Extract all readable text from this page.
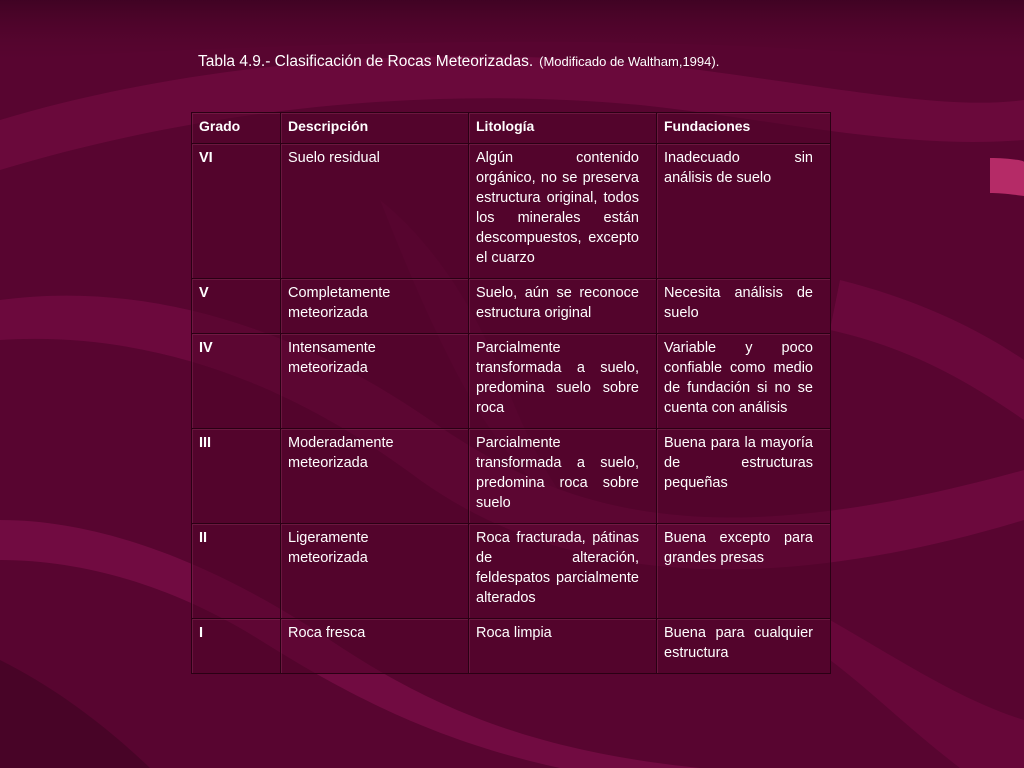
Tabla 4.9.- Clasificación de Rocas Meteorizadas. (Modificado de Waltham,1994).
Grado	Descripción	Litología	Fundaciones
VI	Suelo residual	Algún contenido orgánico, no se preserva estructura original, todos los minerales están descompuestos, excepto el cuarzo	Inadecuado sin análisis de suelo
V	Completamente meteorizada	Suelo, aún se reconoce estructura original	Necesita análisis de suelo
IV	Intensamente meteorizada	Parcialmente transformada a suelo, predomina suelo sobre roca	Variable y poco confiable como medio de fundación si no se cuenta con análisis
III	Moderadamente meteorizada	Parcialmente transformada a suelo, predomina roca sobre suelo	Buena para la mayoría de estructuras pequeñas
II	Ligeramente meteorizada	Roca fracturada, pátinas de alteración, feldespatos parcialmente alterados	Buena excepto para grandes presas
I	Roca fresca	Roca limpia	Buena para cualquier estructura
